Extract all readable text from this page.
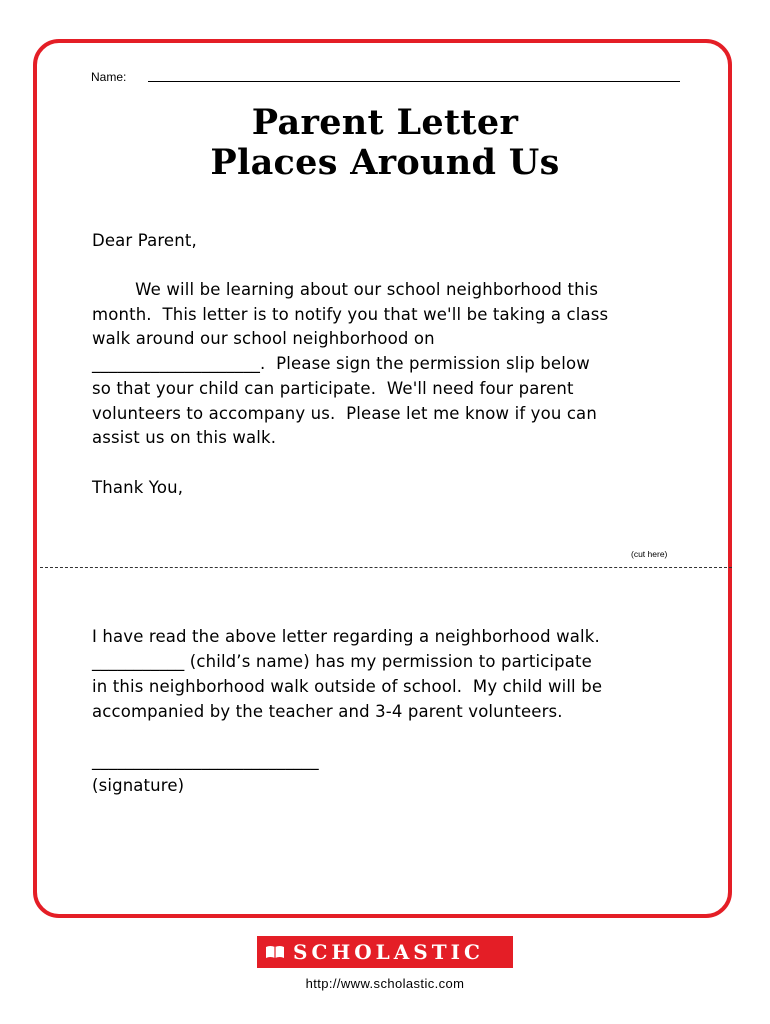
Name:
Parent Letter
Places Around Us
Dear Parent,
We will be learning about our school neighborhood this
month.  This letter is to notify you that we'll be taking a class
walk around our school neighborhood on
____________________.  Please sign the permission slip below
so that your child can participate.  We'll need four parent
volunteers to accompany us.  Please let me know if you can
assist us on this walk.
Thank You,
(cut here)
I have read the above letter regarding a neighborhood walk.
___________ (child’s name) has my permission to participate
in this neighborhood walk outside of school.  My child will be
accompanied by the teacher and 3-4 parent volunteers.
___________________________
(signature)
SCHOLASTIC
http://www.scholastic.com
